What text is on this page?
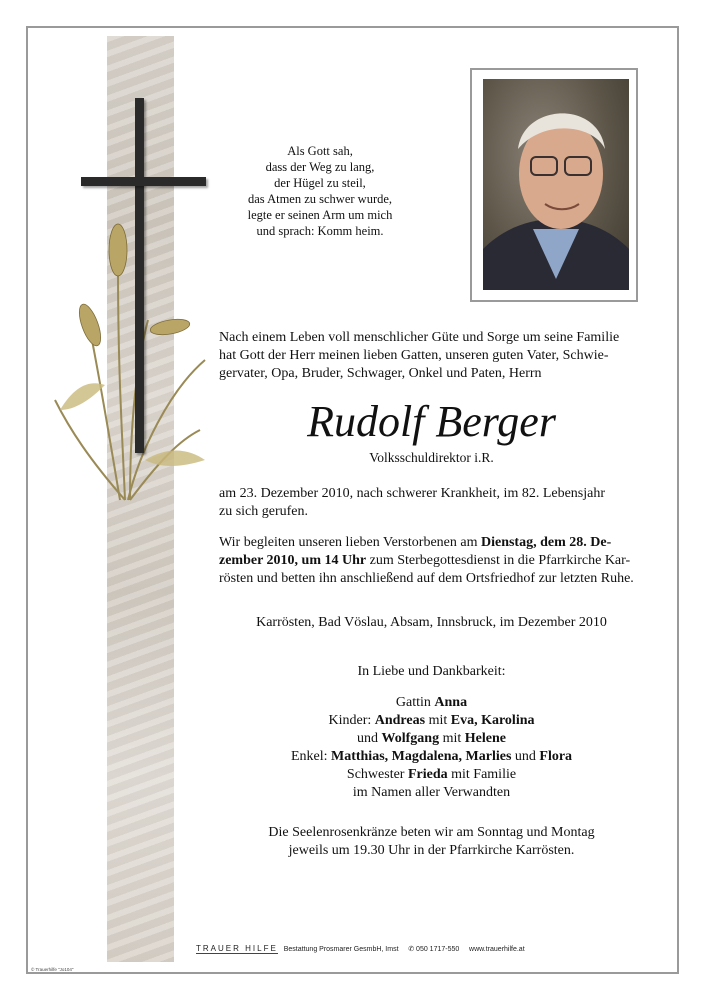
Als Gott sah,
dass der Weg zu lang,
der Hügel zu steil,
das Atmen zu schwer wurde,
legte er seinen Arm um mich
und sprach: Komm heim.
Nach einem Leben voll menschlicher Güte und Sorge um seine Familie
hat Gott der Herr meinen lieben Gatten, unseren guten Vater, Schwie-
gervater, Opa, Bruder, Schwager, Onkel und Paten, Herrn
Rudolf Berger
Volksschuldirektor i.R.
am 23. Dezember 2010, nach schwerer Krankheit, im 82. Lebensjahr
zu sich gerufen.
Wir begleiten unseren lieben Verstorbenen am Dienstag, dem 28. De-
zember 2010, um 14 Uhr zum Sterbegottesdienst in die Pfarrkirche Kar-
rösten und betten ihn anschließend auf dem Ortsfriedhof zur letzten Ruhe.
Karrösten, Bad Vöslau, Absam, Innsbruck, im Dezember 2010
In Liebe und Dankbarkeit:
Gattin Anna
Kinder: Andreas mit Eva, Karolina
und Wolfgang mit Helene
Enkel: Matthias, Magdalena, Marlies und Flora
Schwester Frieda mit Familie
im Namen aller Verwandten
Die Seelenrosenkränze beten wir am Sonntag und Montag
jeweils um 19.30 Uhr in der Pfarrkirche Karrösten.
TRAUER HILFE Bestattung Prosmarer GesmbH, Imst ✆ 050 1717-550 www.trauerhilfe.at
© Trauerhilfe "Jo104"
